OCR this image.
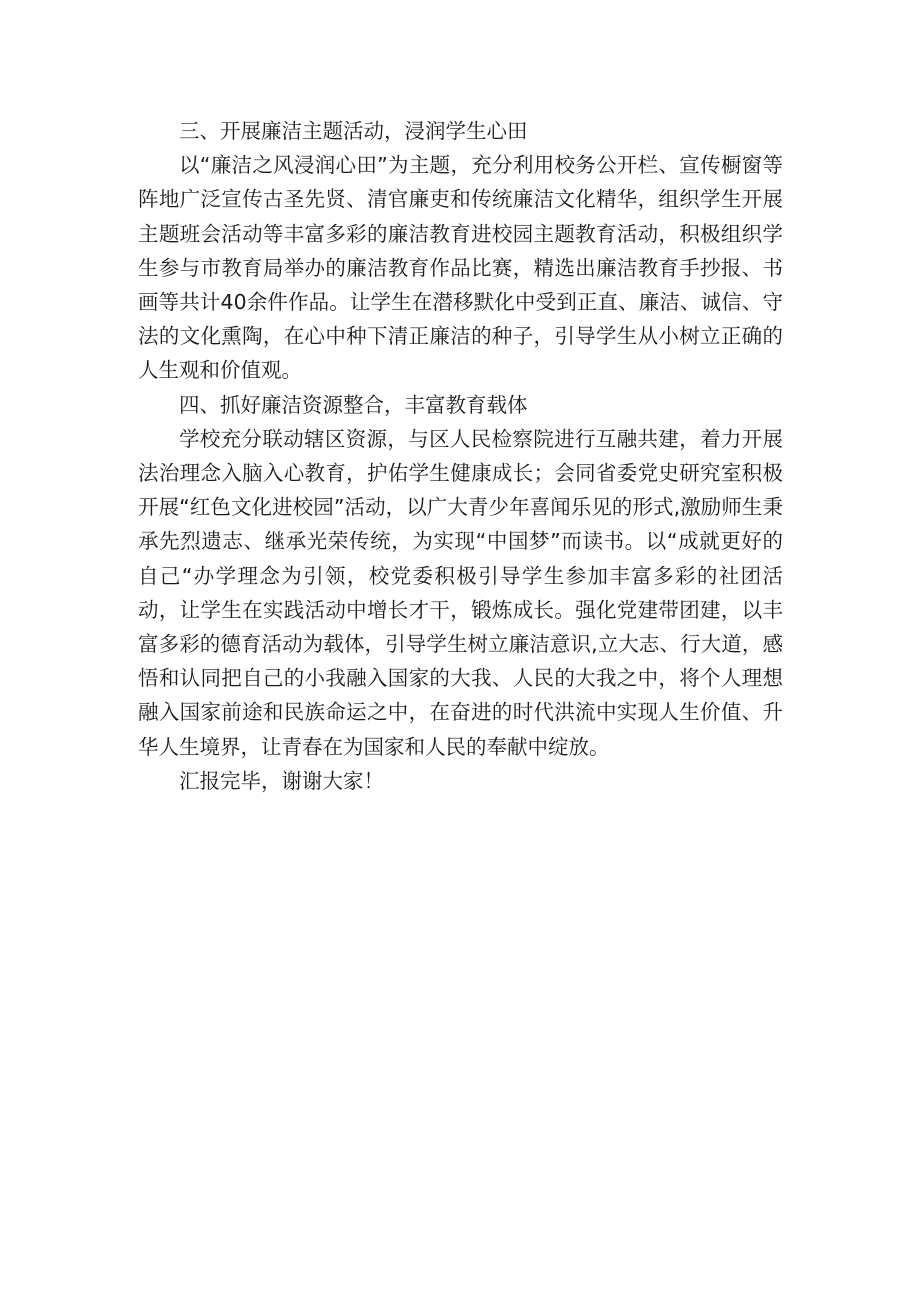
三、开展廉洁主题活动，浸润学生心田

以“廉洁之风浸润心田”为主题，充分利用校务公开栏、宣传橱窗等阵地广泛宣传古圣先贤、清官廉吏和传统廉洁文化精华，组织学生开展主题班会活动等丰富多彩的廉洁教育进校园主题教育活动，积极组织学生参与市教育局举办的廉洁教育作品比赛，精选出廉洁教育手抄报、书画等共计40余件作品。让学生在潜移默化中受到正直、廉洁、诚信、守法的文化熏陶，在心中种下清正廉洁的种子，引导学生从小树立正确的人生观和价值观。

四、抓好廉洁资源整合，丰富教育载体

学校充分联动辖区资源，与区人民检察院进行互融共建，着力开展法治理念入脑入心教育，护佑学生健康成长；会同省委党史研究室积极开展“红色文化进校园”活动，以广大青少年喜闻乐见的形式,激励师生秉承先烈遗志、继承光荣传统，为实现“中国梦”而读书。以“成就更好的自己“办学理念为引领，校党委积极引导学生参加丰富多彩的社团活动，让学生在实践活动中增长才干，锻炼成长。强化党建带团建，以丰富多彩的德育活动为载体，引导学生树立廉洁意识,立大志、行大道，感悟和认同把自己的小我融入国家的大我、人民的大我之中，将个人理想融入国家前途和民族命运之中，在奋进的时代洪流中实现人生价值、升华人生境界，让青春在为国家和人民的奉献中绽放。

汇报完毕，谢谢大家！
